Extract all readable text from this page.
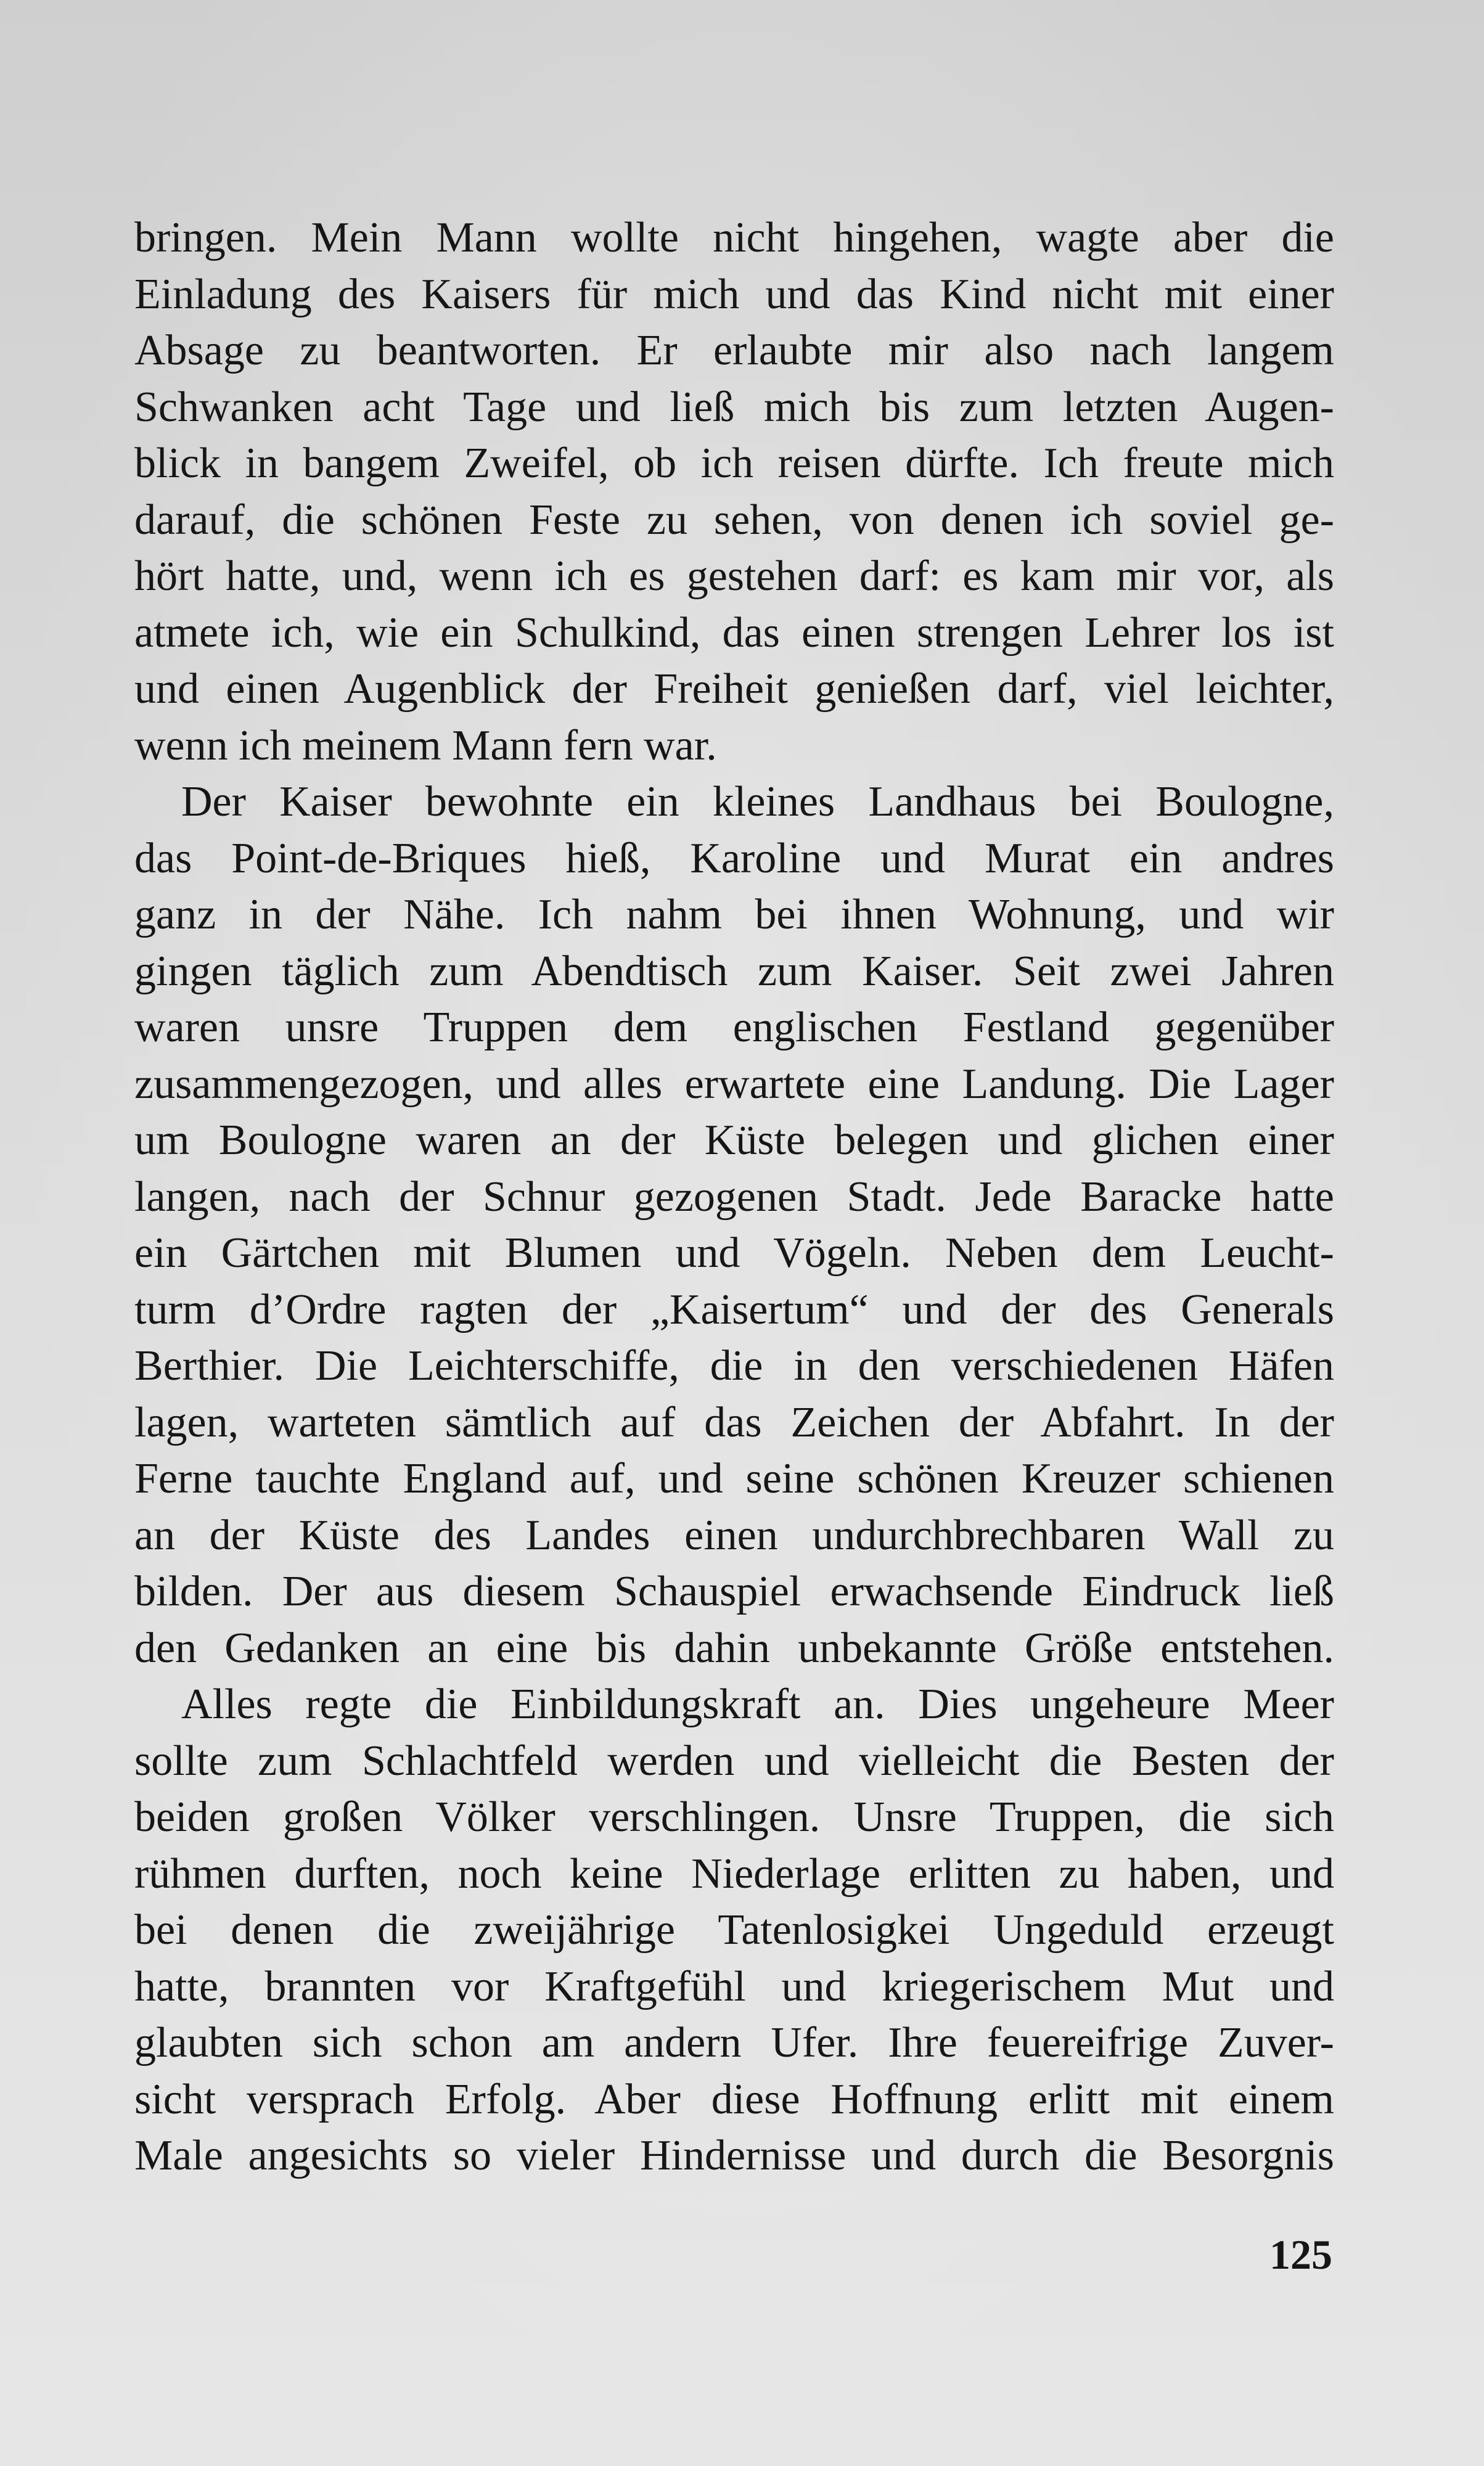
bringen. Mein Mann wollte nicht hingehen, wagte aber die
Einladung des Kaisers für mich und das Kind nicht mit einer
Absage zu beantworten. Er erlaubte mir also nach langem
Schwanken acht Tage und ließ mich bis zum letzten Augen-
blick in bangem Zweifel, ob ich reisen dürfte. Ich freute mich
darauf, die schönen Feste zu sehen, von denen ich soviel ge-
hört hatte, und, wenn ich es gestehen darf: es kam mir vor, als
atmete ich, wie ein Schulkind, das einen strengen Lehrer los ist
und einen Augenblick der Freiheit genießen darf, viel leichter,
wenn ich meinem Mann fern war.
Der Kaiser bewohnte ein kleines Landhaus bei Boulogne,
das Point-de-Briques hieß, Karoline und Murat ein andres
ganz in der Nähe. Ich nahm bei ihnen Wohnung, und wir
gingen täglich zum Abendtisch zum Kaiser. Seit zwei Jahren
waren unsre Truppen dem englischen Festland gegenüber
zusammengezogen, und alles erwartete eine Landung. Die Lager
um Boulogne waren an der Küste belegen und glichen einer
langen, nach der Schnur gezogenen Stadt. Jede Baracke hatte
ein Gärtchen mit Blumen und Vögeln. Neben dem Leucht-
turm d’Ordre ragten der „Kaisertum“ und der des Generals
Berthier. Die Leichterschiffe, die in den verschiedenen Häfen
lagen, warteten sämtlich auf das Zeichen der Abfahrt. In der
Ferne tauchte England auf, und seine schönen Kreuzer schienen
an der Küste des Landes einen undurchbrechbaren Wall zu
bilden. Der aus diesem Schauspiel erwachsende Eindruck ließ
den Gedanken an eine bis dahin unbekannte Größe entstehen.
Alles regte die Einbildungskraft an. Dies ungeheure Meer
sollte zum Schlachtfeld werden und vielleicht die Besten der
beiden großen Völker verschlingen. Unsre Truppen, die sich
rühmen durften, noch keine Niederlage erlitten zu haben, und
bei denen die zweijährige Tatenlosigkei Ungeduld erzeugt
hatte, brannten vor Kraftgefühl und kriegerischem Mut und
glaubten sich schon am andern Ufer. Ihre feuereifrige Zuver-
sicht versprach Erfolg. Aber diese Hoffnung erlitt mit einem
Male angesichts so vieler Hindernisse und durch die Besorgnis
125
